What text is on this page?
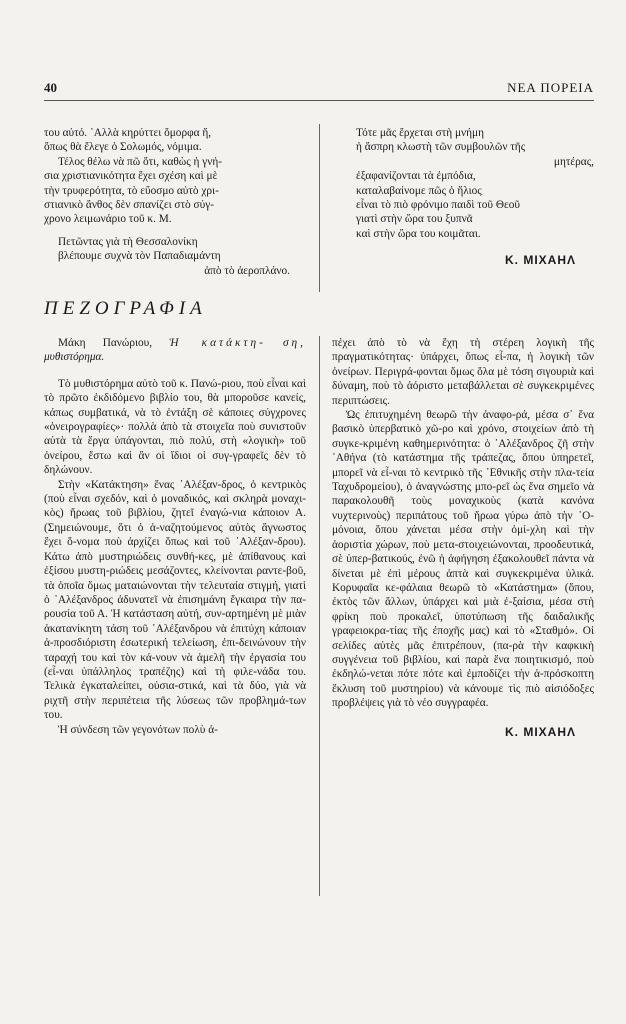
40	ΝΕΑ ΠΟΡΕΙΑ

του αὐτό. ᾿Αλλὰ κηρύττει ὄμορφα ἤ,

ὅπως θὰ ἔλεγε ὁ Σολωμός, νόμιμα.

Τέλος θέλω νὰ πῶ ὅτι, καθὼς ἡ γνή-

σια χριστιανικότητα ἔχει σχέση καὶ μὲ

τὴν τρυφερότητα, τὸ εὔοσμο αὐτὸ χρι-

στιανικὸ ἄνθος δὲν σπανίζει στὸ σύγ-

χρονο λειμωνάριο τοῦ κ. Μ.

Πετῶντας γιὰ τὴ Θεσσαλονίκη

βλέπουμε συχνὰ τὸν Παπαδιαμάντη

ἀπὸ τὸ ἀεροπλάνο.

Τότε μᾶς ἔρχεται στὴ μνήμη

ἡ ἄσπρη κλωστὴ τῶν συμβουλῶν τῆς

μητέρας,

ἐξαφανίζονται τὰ ἐμπόδια,

καταλαβαίνομε πῶς ὁ ἥλιος

εἶναι τὸ πιὸ φρόνιμο παιδὶ τοῦ Θεοῦ

γιατὶ στὴν ὥρα του ξυπνᾶ

καὶ στὴν ὥρα του κοιμᾶται.

Κ. ΜΙΧΑΗΛ

ΠΕΖΟΓΡΑΦΙΑ

Μάκη Πανώριου, Ἡ κατάκτη- ση, μυθιστόρημα.

Τὸ μυθιστόρημα αὐτὸ τοῦ κ. Πανώ-ριου, ποὺ εἶναι καὶ τὸ πρῶτο ἐκδιδόμενο βιβλίο του, θὰ μποροῦσε κανείς, κάπως συμβατικά, νὰ τὸ ἐντάξη σὲ κάποιες σύγχρονες «ὀνειρογραφίες»· πολλὰ ἀπὸ τὰ στοιχεῖα ποὺ συνιστοῦν αὐτὰ τὰ ἔργα ὑπάγονται, πιὸ πολύ, στὴ «λογικὴ» τοῦ ὀνείρου, ἔστω καὶ ἂν οἱ ἴδιοι οἱ συγ-γραφεῖς δὲν τὸ δηλώνουν.

Στὴν «Κατάκτηση» ἕνας ᾿Αλέξαν-δρος, ὁ κεντρικὸς (ποὺ εἶναι σχεδόν, καὶ ὁ μοναδικός, καὶ σκληρὰ μοναχι-κὸς) ἥρωας τοῦ βιβλίου, ζητεῖ ἐναγώ-νια κάποιον Α. (Σημειώνουμε, ὅτι ὁ ἀ-ναζητούμενος αὐτὸς ἄγνωστος ἔχει ὄ-νομα ποὺ ἀρχίζει ὅπως καὶ τοῦ ᾿Αλέξαν-δρου). Κάτω ἀπὸ μυστηριώδεις συνθή-κες, μὲ ἀπίθανους καὶ ἐξίσου μυστη-ριώδεις μεσάζοντες, κλείνονται ραντε-βοῦ, τὰ ὁποῖα ὅμως ματαιώνονται τὴν τελευταία στιγμή, γιατὶ ὁ ᾿Αλέξανδρος ἀδυνατεῖ νὰ ἐπισημάνη ἔγκαιρα τὴν πα-ρουσία τοῦ Α. Ἡ κατάσταση αὐτή, συν-αρτημένη μὲ μιὰν ἀκατανίκητη τάση τοῦ ᾿Αλέξανδρου νὰ ἐπιτύχη κάποιαν ἀ-προσδιόριστη ἐσωτερική τελείωση, ἐπι-δεινώνουν τὴν ταραχή του καὶ τὸν κά-νουν νὰ ἀμελῆ τὴν ἐργασία του (εἶ-ναι ὑπάλληλος τραπέζης) καὶ τὴ φιλε-νάδα του. Τελικὰ ἐγκαταλείπει, οὐσια-στικά, καὶ τὰ δύο, γιὰ νὰ ριχτῆ στὴν περιπέτεια τῆς λύσεως τῶν προβλημά-των του.

Ἡ σύνδεση τῶν γεγονότων πολὺ ἀ-

πέχει ἀπὸ τὸ νὰ ἔχη τὴ στέρεη λογικὴ τῆς πραγματικότητας· ὑπάρχει, ὅπως εἶ-πα, ἡ λογικὴ τῶν ὀνείρων. Περιγρά-φονται ὅμως ὅλα μὲ τόση σιγουριὰ καὶ δύναμη, ποὺ τὸ ἀόριστο μεταβάλλεται σὲ συγκεκριμένες περιπτώσεις.

Ὡς ἐπιτυχημένη θεωρῶ τὴν ἀναφο-ρά, μέσα σ᾿ ἕνα βασικὸ ὑπερβατικὸ χῶ-ρο καὶ χρόνο, στοιχείων ἀπὸ τὴ συγκε-κριμένη καθημερινότητα: ὁ ᾿Αλέξανδρος ζῆ στὴν ᾿Αθήνα (τὸ κατάστημα τῆς τράπεζας, ὅπου ὑπηρετεῖ, μπορεῖ νὰ εἶ-ναι τὸ κεντρικὸ τῆς ᾿Εθνικῆς στὴν πλα-τεία Ταχυδρομείου), ὁ ἀναγνώστης μπο-ρεῖ ὡς ἕνα σημεῖο νὰ παρακολουθῆ τοὺς μοναχικοὺς (κατὰ κανόνα νυχτερινοὺς) περιπάτους τοῦ ἥρωα γύρω ἀπὸ τὴν ᾿Ο-μόνοια, ὅπου χάνεται μέσα στὴν ὁμί-χλη καὶ τὴν ἀοριστία χώρων, ποὺ μετα-στοιχειώνονται, προοδευτικά, σὲ ὑπερ-βατικούς, ἐνῶ ἡ ἀφήγηση ἐξακολουθεῖ πάντα νὰ δίνεται μὲ ἐπὶ μέρους ἀπτὰ καὶ συγκεκριμένα ὑλικά. Κορυφαῖα κε-φάλαια θεωρῶ τὸ «Κατάστημα» (ὅπου, ἐκτὸς τῶν ἄλλων, ὑπάρχει καὶ μιὰ ἐ-ξαίσια, μέσα στὴ φρίκη ποὺ προκαλεῖ, ὑποτύπωση τῆς δαιδαλικῆς γραφειοκρα-τίας τῆς ἐποχῆς μας) καὶ τὸ «Σταθμό». Οἱ σελίδες αὐτὲς μᾶς ἐπιτρέπουν, (πα-ρὰ τὴν καφκικὴ συγγένεια τοῦ βιβλίου, καὶ παρὰ ἕνα ποιητικισμό, ποὺ ἐκδηλώ-νεται πότε πότε καὶ ἐμποδίζει τὴν ἀ-πρόσκοπτη ἔκλυση τοῦ μυστηρίου) νὰ κάνουμε τὶς πιὸ αἰσιόδοξες προβλέψεις γιὰ τὸ νέο συγγραφέα.

Κ. ΜΙΧΑΗΛ
